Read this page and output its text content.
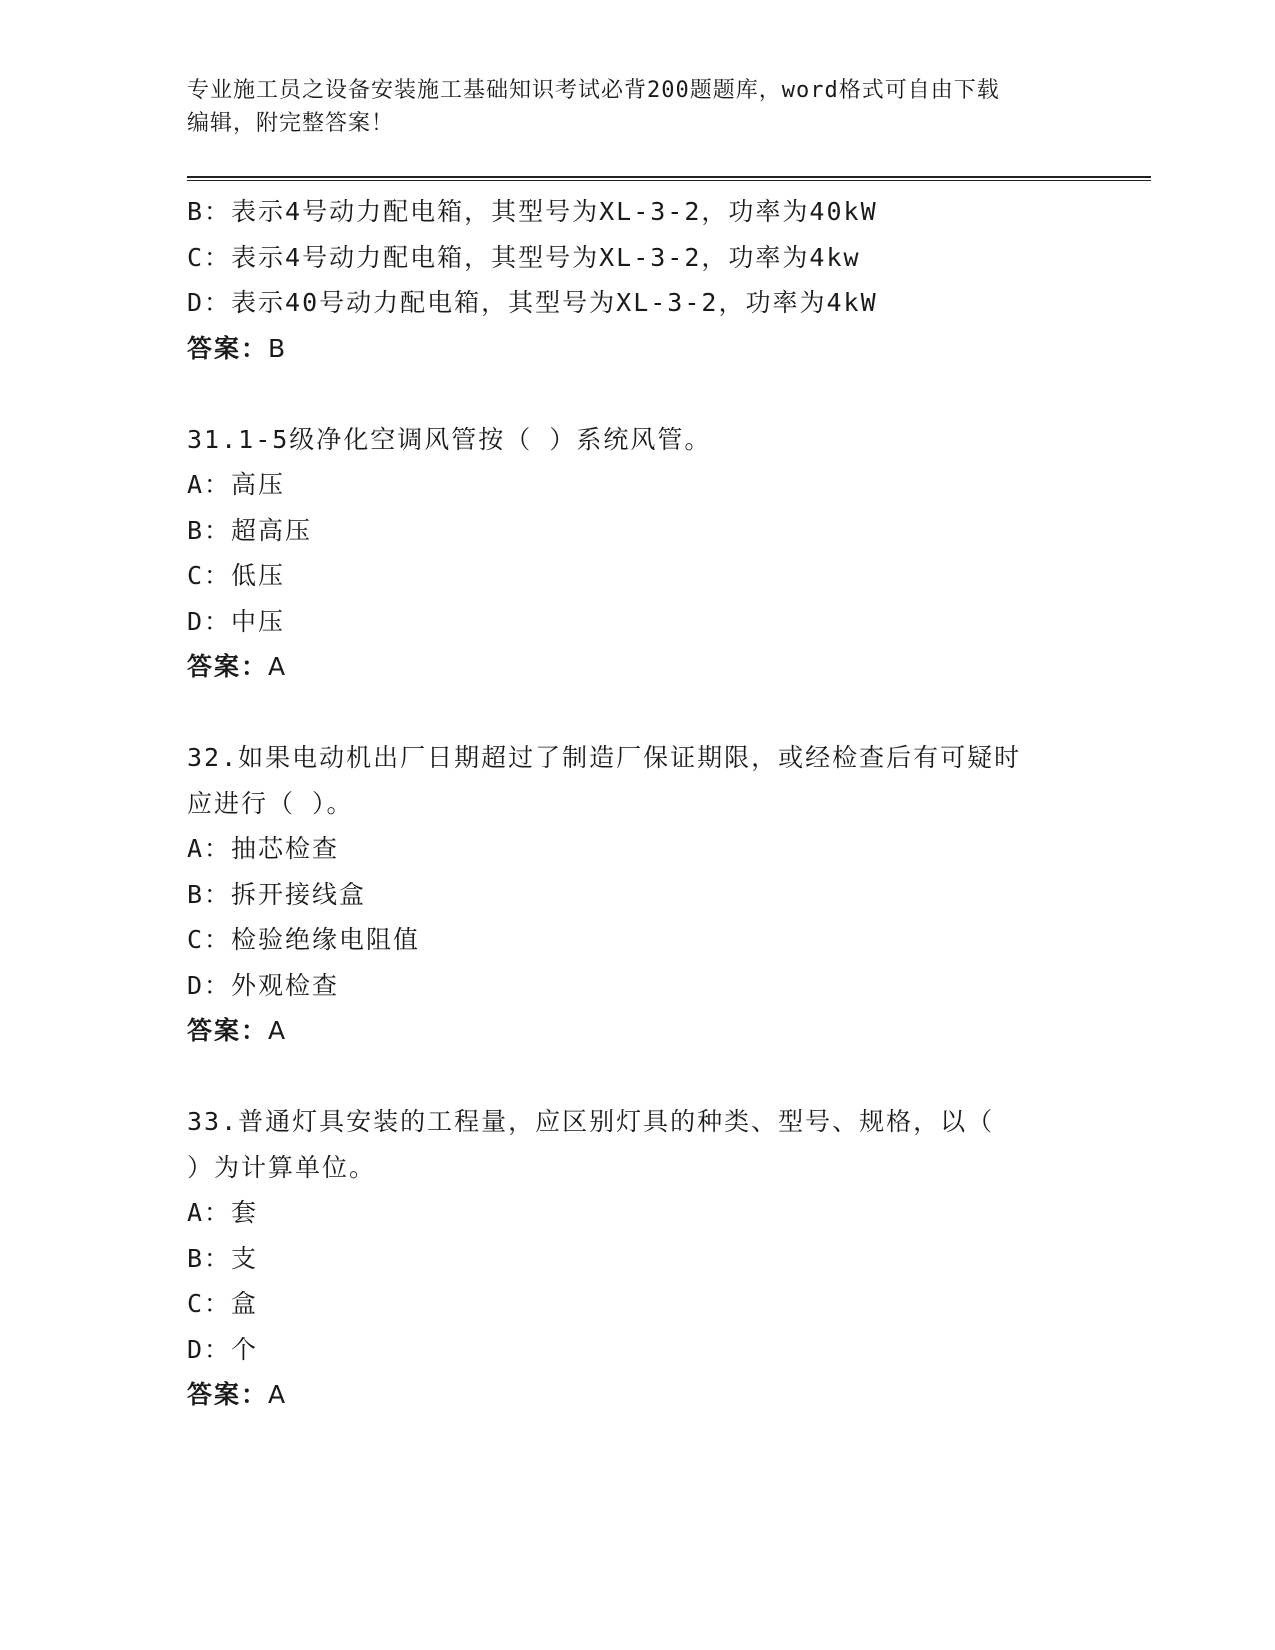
专业施工员之设备安装施工基础知识考试必背200题题库，word格式可自由下载
编辑，附完整答案！
B：表示4号动力配电箱，其型号为XL-3-2，功率为40kW
C：表示4号动力配电箱，其型号为XL-3-2，功率为4kw
D：表示40号动力配电箱，其型号为XL-3-2，功率为4kW
答案：B
31.1-5级净化空调风管按（ ）系统风管。
A：高压
B：超高压
C：低压
D：中压
答案：A
32.如果电动机出厂日期超过了制造厂保证期限，或经检查后有可疑时
应进行（ ）。
A：抽芯检查
B：拆开接线盒
C：检验绝缘电阻值
D：外观检查
答案：A
33.普通灯具安装的工程量，应区别灯具的种类、型号、规格，以（
）为计算单位。
A：套
B：支
C：盒
D：个
答案：A
